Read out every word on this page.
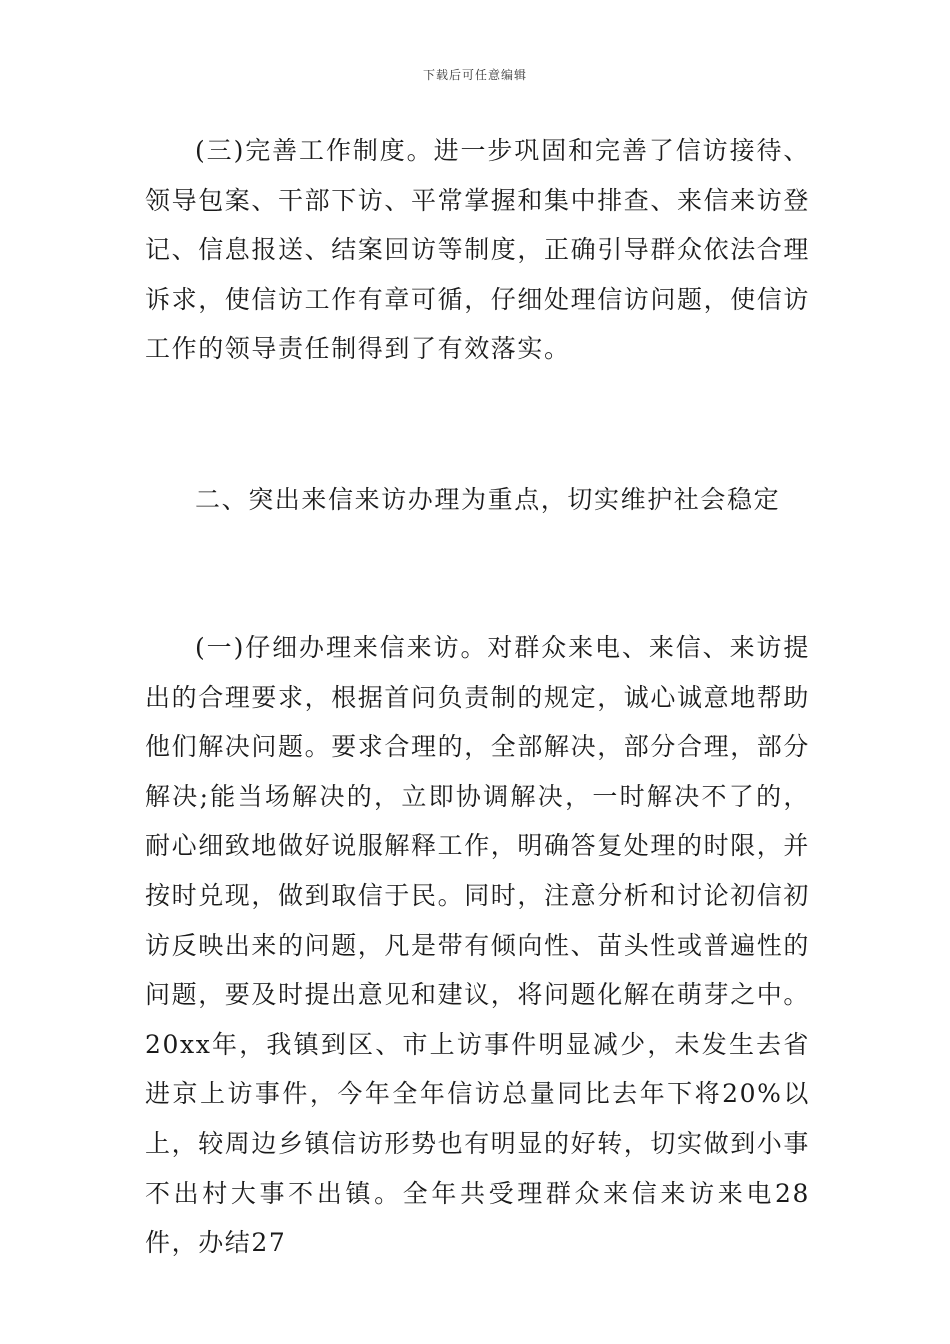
下载后可任意编辑

(三)完善工作制度。进一步巩固和完善了信访接待、领导包案、干部下访、平常掌握和集中排查、来信来访登记、信息报送、结案回访等制度，正确引导群众依法合理诉求，使信访工作有章可循，仔细处理信访问题，使信访工作的领导责任制得到了有效落实。

二、突出来信来访办理为重点，切实维护社会稳定

(一)仔细办理来信来访。对群众来电、来信、来访提出的合理要求，根据首问负责制的规定，诚心诚意地帮助他们解决问题。要求合理的，全部解决，部分合理，部分解决;能当场解决的，立即协调解决，一时解决不了的，耐心细致地做好说服解释工作，明确答复处理的时限，并按时兑现，做到取信于民。同时，注意分析和讨论初信初访反映出来的问题，凡是带有倾向性、苗头性或普遍性的问题，要及时提出意见和建议，将问题化解在萌芽之中。20xx年，我镇到区、市上访事件明显减少，未发生去省进京上访事件，今年全年信访总量同比去年下将20%以上，较周边乡镇信访形势也有明显的好转，切实做到小事不出村大事不出镇。全年共受理群众来信来访来电28件，办结27
